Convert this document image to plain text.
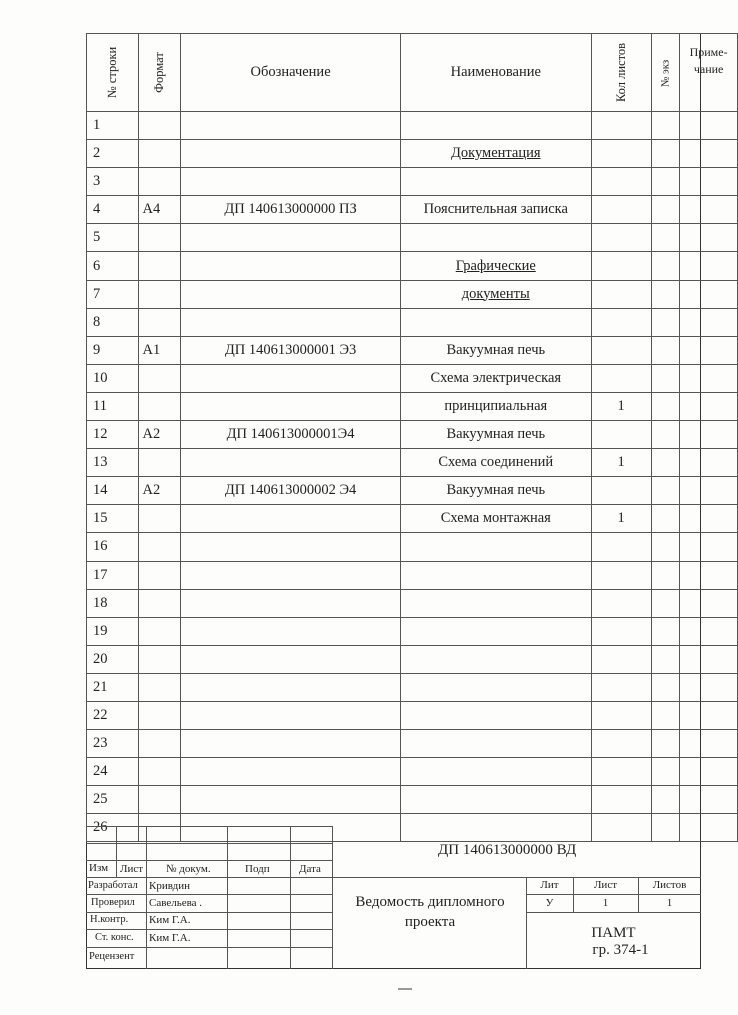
№ строки	Формат	Обозначение	Наименование	Кол листов	№ экз	Приме-чание
1						
2			Документация			
3						
4	А4	ДП 140613000000 ПЗ	Пояснительная записка			
5						
6			Графические			
7			документы			
8						
9	А1	ДП 140613000001 Э3	Вакуумная печь			
10			Схема электрическая			
11			принципиальная	1		
12	А2	ДП 140613000001Э4	Вакуумная печь			
13			Схема соединений	1		
14	А2	ДП 140613000002 Э4	Вакуумная печь			
15			Схема монтажная	1		
16						
17						
18						
19						
20						
21						
22						
23						
24						
25						
26						
Изм Лист № докум.	Подп	Дата
Разработал Кривдин
Проверил Савельева .
Н.контр. Ким Г.А.
Ст. конс. Ким Г.А.
Рецензент
ДП 140613000000 ВД
Ведомость дипломного проекта
Лит	Лист	Листов
У	1	1
ПАМТ
гр. 374-1
